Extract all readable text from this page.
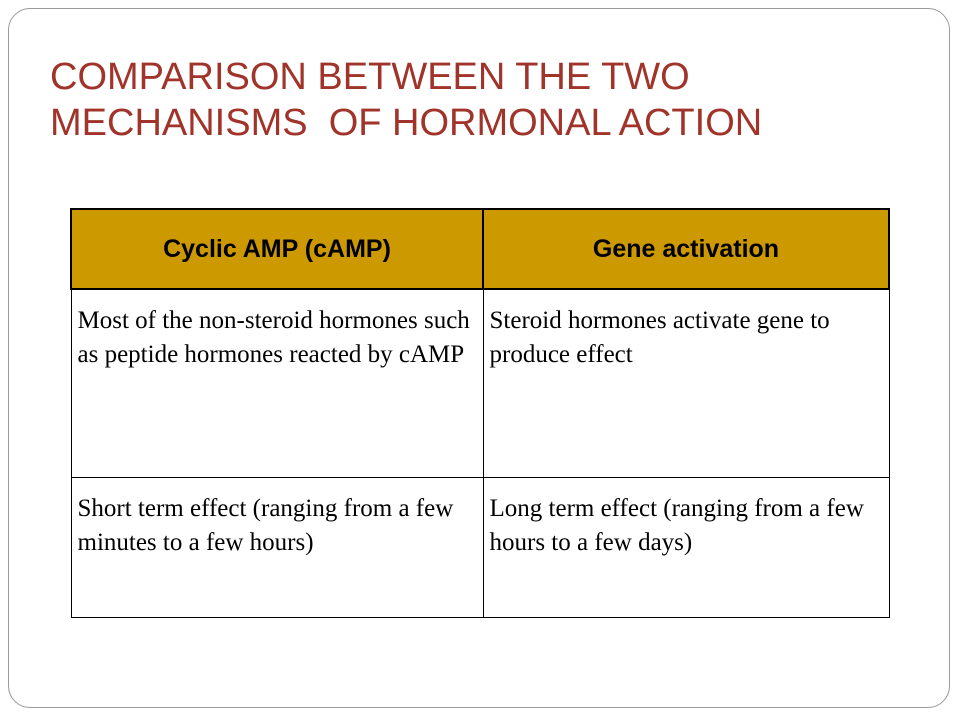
COMPARISON BETWEEN THE TWO
MECHANISMS  OF HORMONAL ACTION
Cyclic AMP (cAMP)	Gene activation
Most of the non-steroid hormones such as peptide hormones reacted by cAMP	Steroid hormones activate gene to produce effect
Short term effect (ranging from a few minutes to a few hours)	Long term effect (ranging from a few hours to a few days)
